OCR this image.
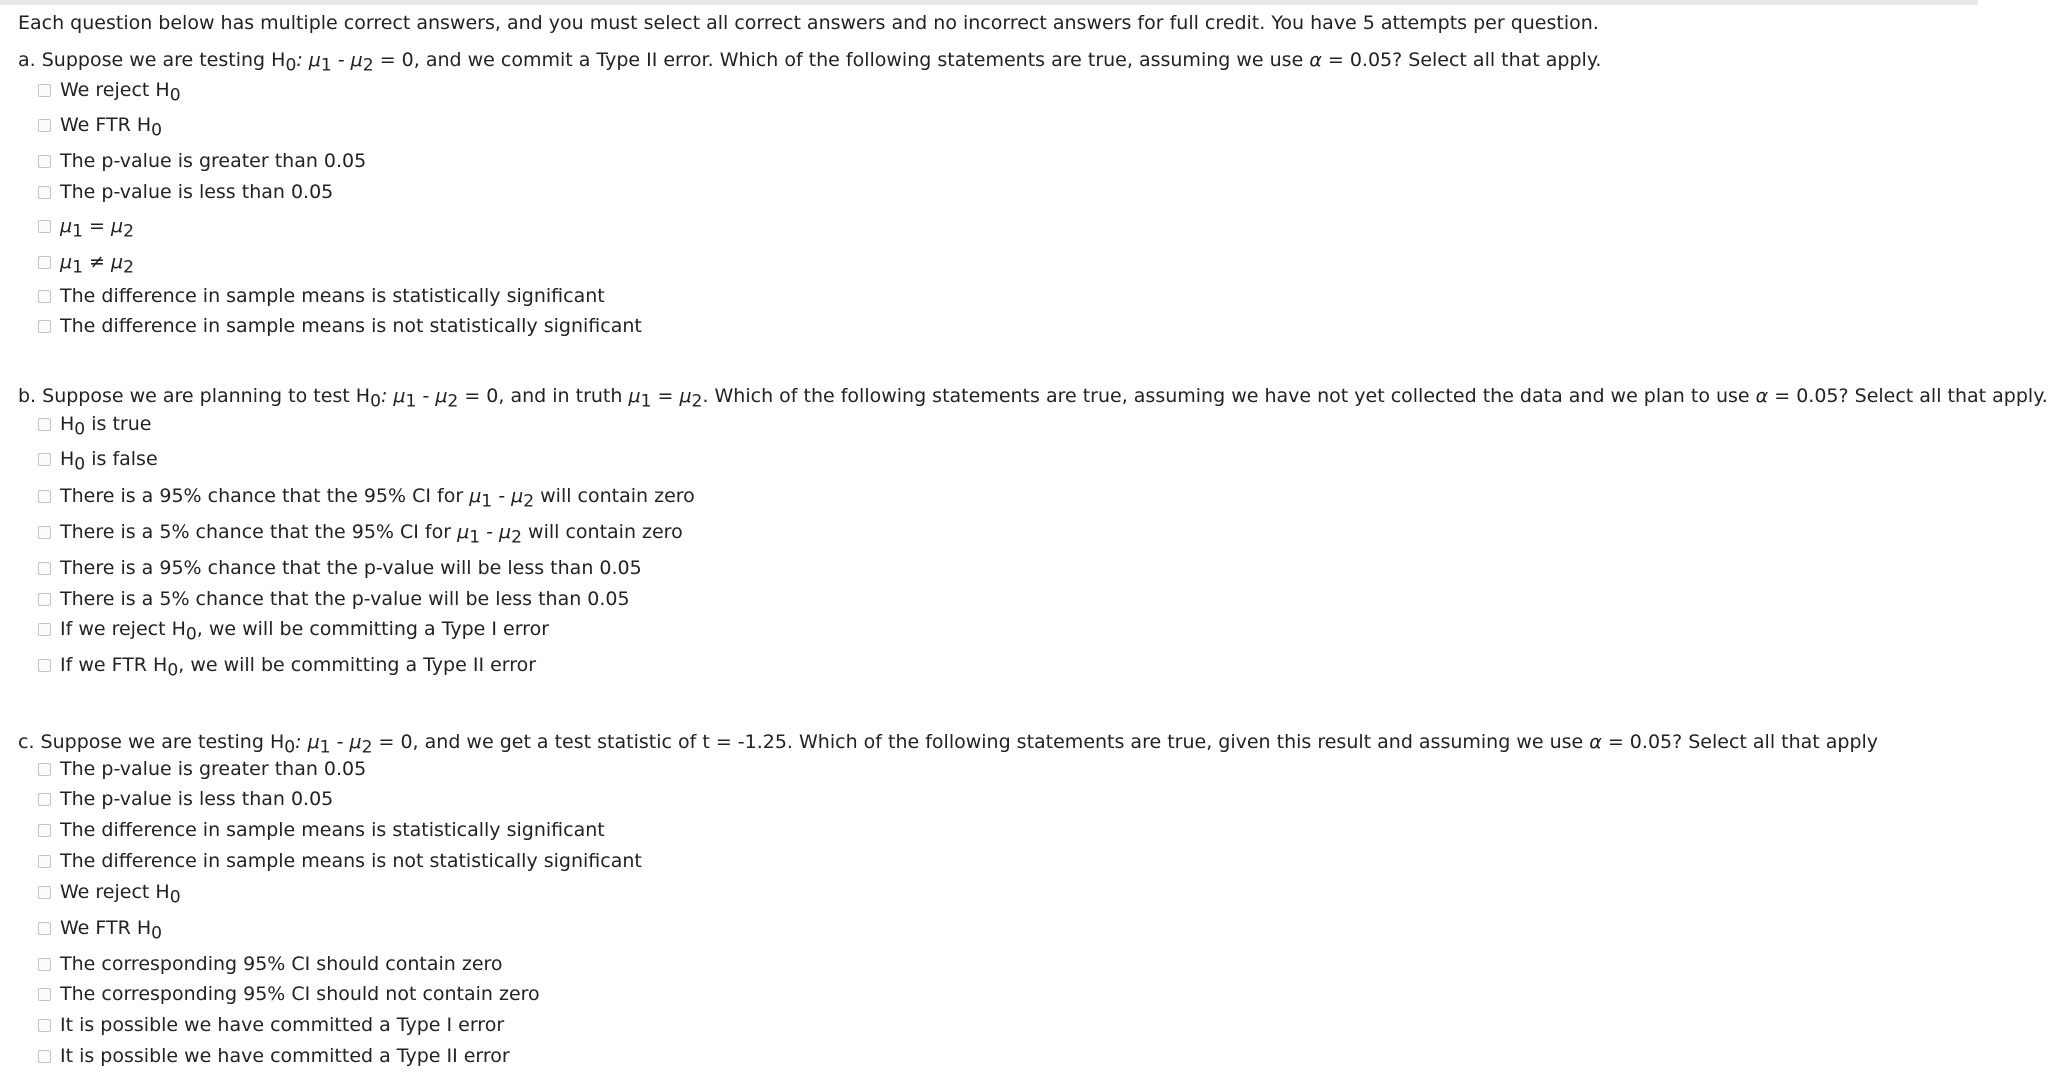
Each question below has multiple correct answers, and you must select all correct answers and no incorrect answers for full credit. You have 5 attempts per question.
a. Suppose we are testing $H_0$: $\mu_1 - \mu_2 = 0$, and we commit a Type II error. Which of the following statements are true, assuming we use α = 0.05? Select all that apply.
We reject $H_0$
We FTR $H_0$
The p-value is greater than 0.05
The p-value is less than 0.05
$\mu_1 = \mu_2$
$\mu_1 \ne \mu_2$
The difference in sample means is statistically significant
The difference in sample means is not statistically significant
b. Suppose we are planning to test $H_0$: $\mu_1 - \mu_2 = 0$, and in truth $\mu_1 = \mu_2$. Which of the following statements are true, assuming we have not yet collected the data and we plan to use α = 0.05? Select all that apply.
$H_0$ is true
$H_0$ is false
There is a 95% chance that the 95% CI for $\mu_1 - \mu_2$ will contain zero
There is a 5% chance that the 95% CI for $\mu_1 - \mu_2$ will contain zero
There is a 95% chance that the p-value will be less than 0.05
There is a 5% chance that the p-value will be less than 0.05
If we reject $H_0$, we will be committing a Type I error
If we FTR $H_0$, we will be committing a Type II error
c. Suppose we are testing $H_0$: $\mu_1 - \mu_2 = 0$, and we get a test statistic of t = -1.25. Which of the following statements are true, given this result and assuming we use α = 0.05? Select all that apply
The p-value is greater than 0.05
The p-value is less than 0.05
The difference in sample means is statistically significant
The difference in sample means is not statistically significant
We reject $H_0$
We FTR $H_0$
The corresponding 95% CI should contain zero
The corresponding 95% CI should not contain zero
It is possible we have committed a Type I error
It is possible we have committed a Type II error
